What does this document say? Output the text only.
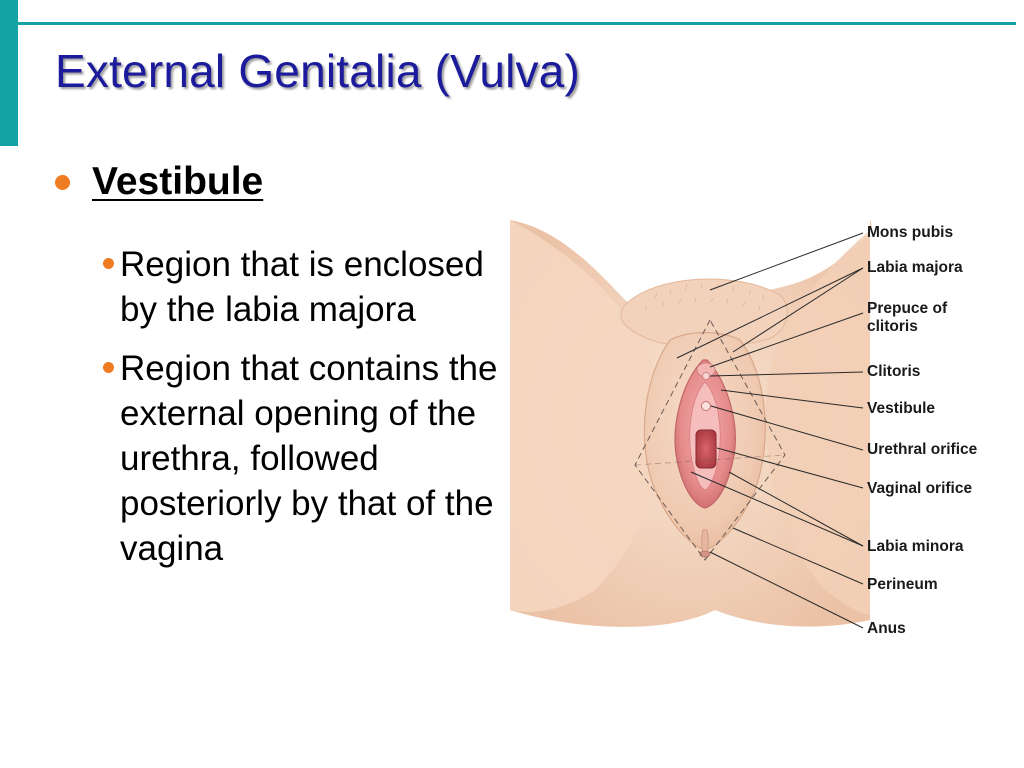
External Genitalia (Vulva)
Vestibule
Region that is enclosed by the labia majora
Region that contains the external opening of the urethra, followed posteriorly by that of the vagina
Mons pubis
Labia majora
Prepuce of
clitoris
Clitoris
Vestibule
Urethral orifice
Vaginal orifice
Labia minora
Perineum
Anus
